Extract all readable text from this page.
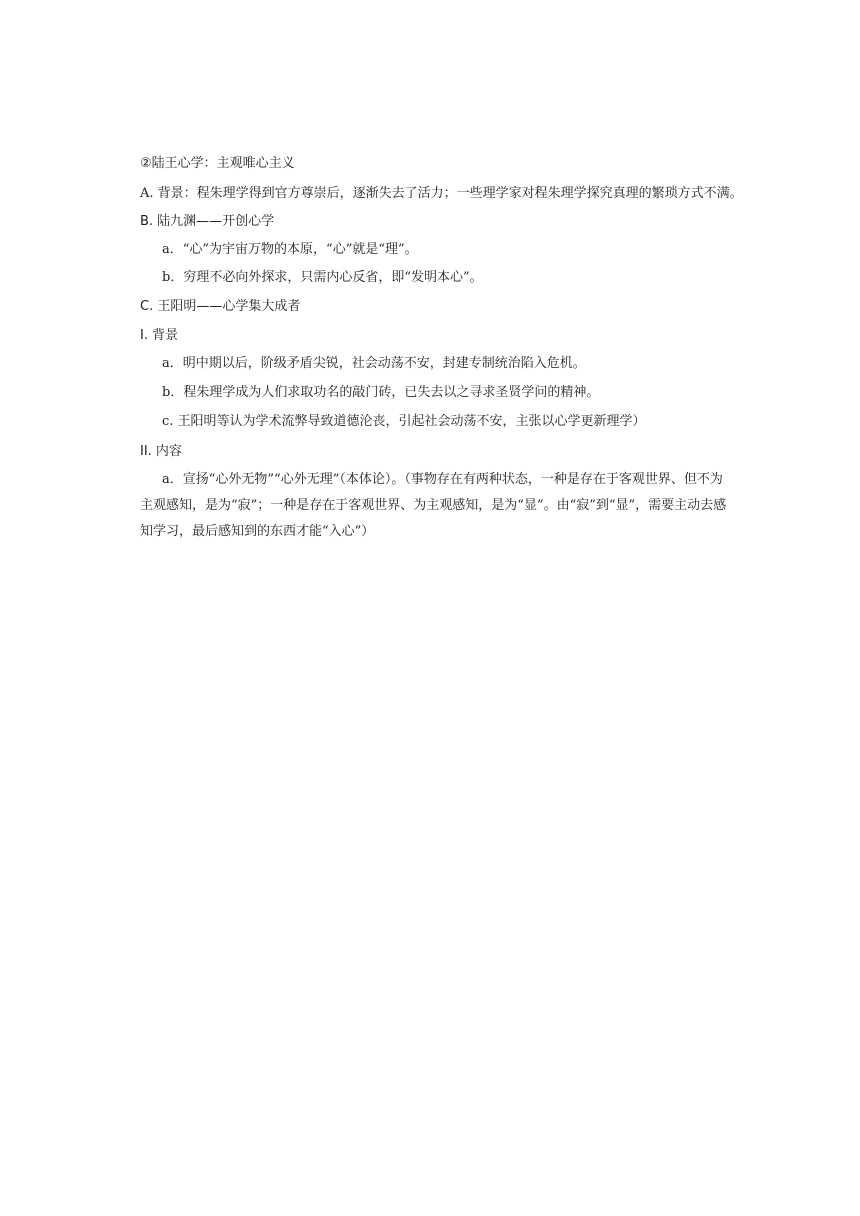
②陆王心学：主观唯心主义
A. 背景：程朱理学得到官方尊崇后，逐渐失去了活力；一些理学家对程朱理学探究真理的繁琐方式不满。
B. 陆九渊——开创心学
a．“心”为宇宙万物的本原，“心”就是“理”。
b．穷理不必向外探求，只需内心反省，即“发明本心”。
C. 王阳明——心学集大成者
I. 背景
a．明中期以后，阶级矛盾尖锐，社会动荡不安，封建专制统治陷入危机。
b．程朱理学成为人们求取功名的敲门砖，已失去以之寻求圣贤学问的精神。
c. 王阳明等认为学术流弊导致道德沦丧，引起社会动荡不安，主张以心学更新理学）
II. 内容
a．宣扬“心外无物”“心外无理”（本体论）。（事物存在有两种状态，一种是存在于客观世界、但不为主观感知，是为“寂”；一种是存在于客观世界、为主观感知，是为“显”。由“寂”到“显”，需要主动去感知学习，最后感知到的东西才能“入心”）
